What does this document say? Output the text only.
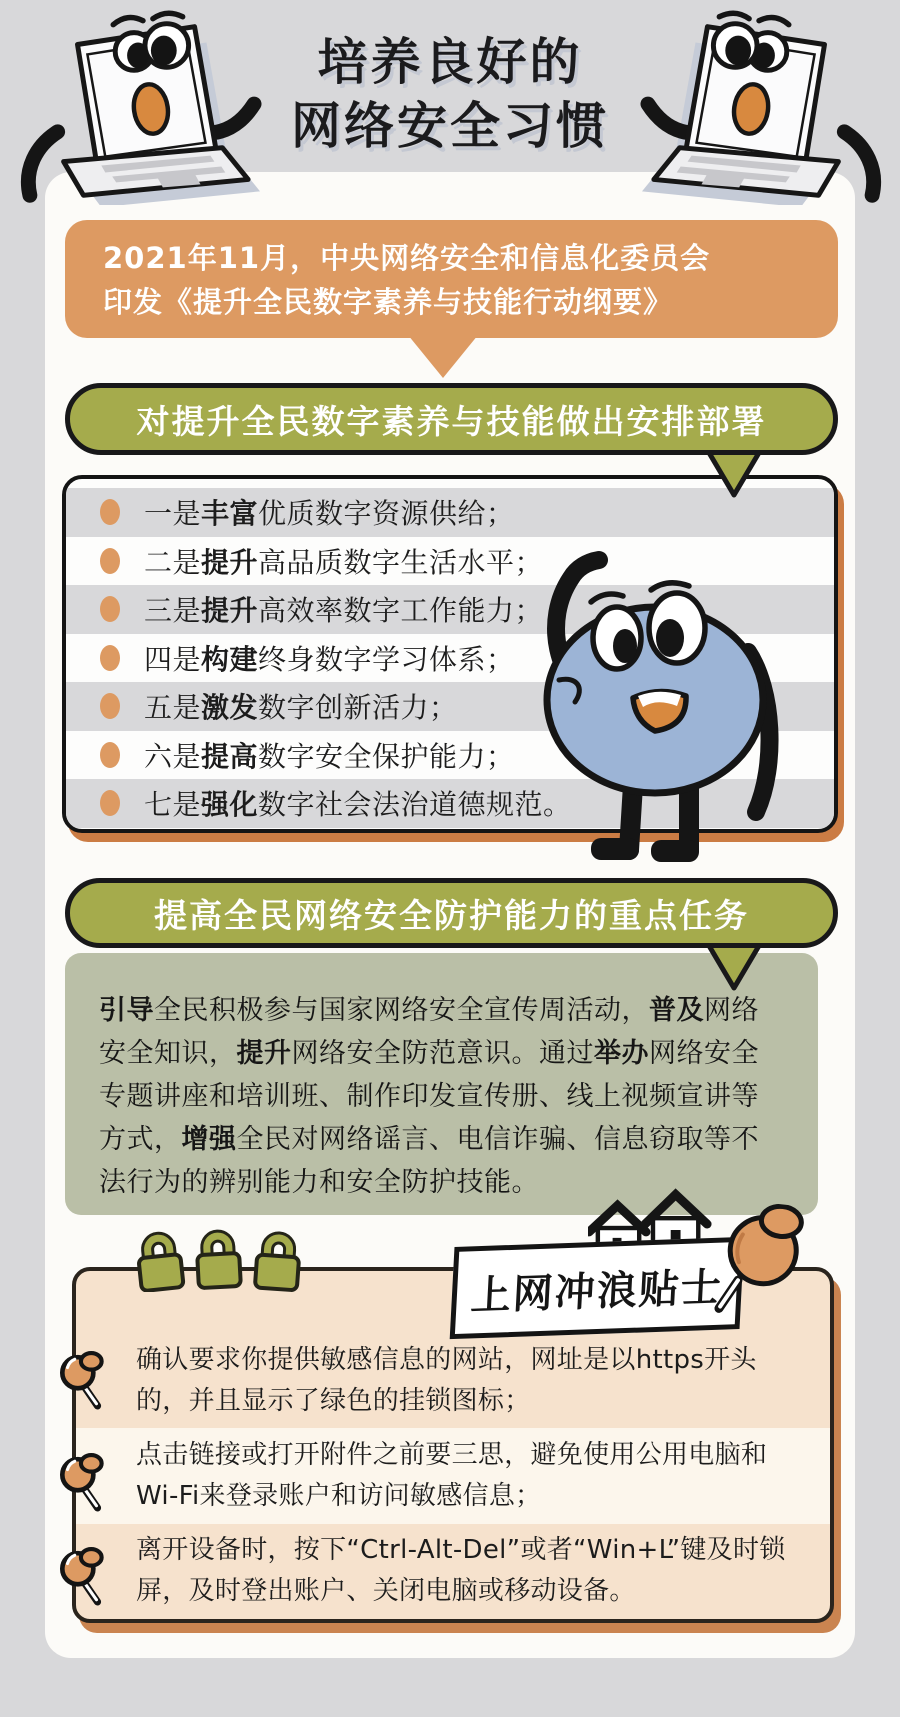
培养良好的
网络安全习惯
2021年11月，中央网络安全和信息化委员会
印发《提升全民数字素养与技能行动纲要》
对提升全民数字素养与技能做出安排部署
一是丰富优质数字资源供给；
二是提升高品质数字生活水平；
三是提升高效率数字工作能力；
四是构建终身数字学习体系；
五是激发数字创新活力；
六是提高数字安全保护能力；
七是强化数字社会法治道德规范。
提高全民网络安全防护能力的重点任务
引导全民积极参与国家网络安全宣传周活动，普及网络安全知识，提升网络安全防范意识。通过举办网络安全专题讲座和培训班、制作印发宣传册、线上视频宣讲等方式，增强全民对网络谣言、电信诈骗、信息窃取等不法行为的辨别能力和安全防护技能。
上网冲浪贴士

确认要求你提供敏感信息的网站，网址是以https开头的，并且显示了绿色的挂锁图标；

点击链接或打开附件之前要三思，避免使用公用电脑和Wi-Fi来登录账户和访问敏感信息；

离开设备时，按下“Ctrl-Alt-Del”或者“Win+L”键及时锁屏，及时登出账户、关闭电脑或移动设备。
